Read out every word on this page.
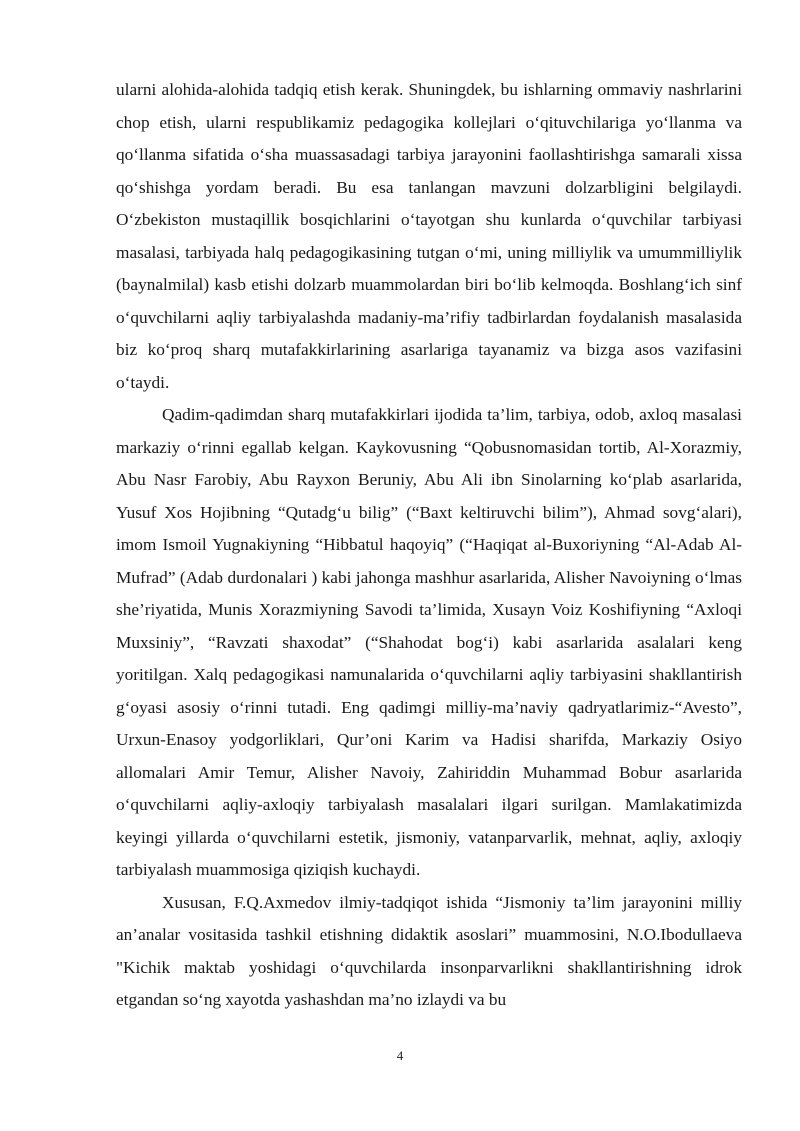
ularni alohida-alohida tadqiq etish kerak. Shuningdek, bu ishlarning ommaviy nashrlarini chop etish, ularni respublikamiz pedagogika kollejlari o‘qituvchilariga yo‘llanma va qo‘llanma sifatida o‘sha muassasadagi tarbiya jarayonini faollashtirishga samarali xissa qo‘shishga yordam beradi. Bu esa tanlangan mavzuni dolzarbligini belgilaydi. O‘zbekiston mustaqillik bosqichlarini o‘tayotgan shu kunlarda o‘quvchilar tarbiyasi masalasi, tarbiyada halq pedagogikasining tutgan o‘mi, uning milliylik va umummilliylik (baynalmilal) kasb etishi dolzarb muammolardan biri bo‘lib kelmoqda. Boshlang‘ich sinf o‘quvchilarni aqliy tarbiyalashda madaniy-ma’rifiy tadbirlardan foydalanish masalasida biz ko‘proq sharq mutafakkirlarining asarlariga tayanamiz va bizga asos vazifasini o‘taydi.

Qadim-qadimdan sharq mutafakkirlari ijodida ta’lim, tarbiya, odob, axloq masalasi markaziy o‘rinni egallab kelgan. Kaykovusning “Qobusnomasidan tortib, Al-Xorazmiy, Abu Nasr Farobiy, Abu Rayxon Beruniy, Abu Ali ibn Sinolarning ko‘plab asarlarida, Yusuf Xos Hojibning “Qutadg‘u bilig” (“Baxt keltiruvchi bilim”), Ahmad sovg‘alari), imom Ismoil Yugnakiyning “Hibbatul haqoyiq” (“Haqiqat al-Buxoriyning “Al-Adab Al-Mufrad” (Adab durdonalari ) kabi jahonga mashhur asarlarida, Alisher Navoiyning o‘lmas she’riyatida, Munis Xorazmiyning Savodi ta’limida, Xusayn Voiz Koshifiyning “Axloqi Muxsiniy”, “Ravzati shaxodat” (“Shahodat bog‘i) kabi asarlarida asalalari keng yoritilgan. Xalq pedagogikasi namunalarida o‘quvchilarni aqliy tarbiyasini shakllantirish g‘oyasi asosiy o‘rinni tutadi. Eng qadimgi milliy-ma’naviy qadryatlarimiz-“Avesto”, Urxun-Enasoy yodgorliklari, Qur’oni Karim va Hadisi sharifda, Markaziy Osiyo allomalari Amir Temur, Alisher Navoiy, Zahiriddin Muhammad Bobur asarlarida o‘quvchilarni aqliy-axloqiy tarbiyalash masalalari ilgari surilgan. Mamlakatimizda keyingi yillarda o‘quvchilarni estetik, jismoniy, vatanparvarlik, mehnat, aqliy, axloqiy tarbiyalash muammosiga qiziqish kuchaydi.

Xususan, F.Q.Axmedov ilmiy-tadqiqot ishida “Jismoniy ta’lim jarayonini milliy an’analar vositasida tashkil etishning didaktik asoslari” muammosini, N.O.Ibodullaeva "Kichik maktab yoshidagi o‘quvchilarda insonparvarlikni shakllantirishning idrok etgandan so‘ng xayotda yashashdan ma’no izlaydi va bu

4
